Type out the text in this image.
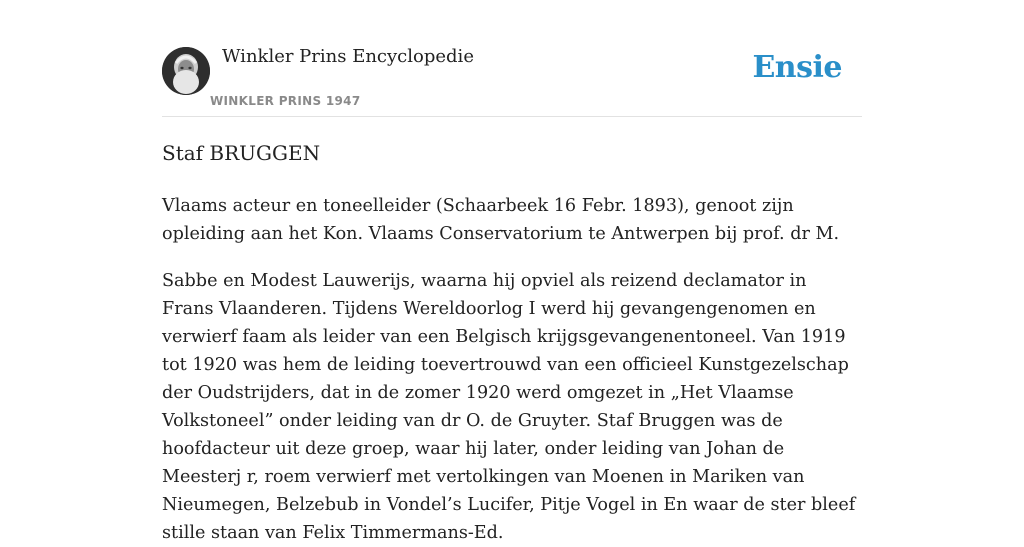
Winkler Prins Encyclopedie
WINKLER PRINS 1947
Ensie
Staf BRUGGEN

Vlaams acteur en toneelleider (Schaarbeek 16 Febr. 1893), genoot zijn opleiding aan het Kon. Vlaams Conservatorium te Antwerpen bij prof. dr M.

Sabbe en Modest Lauwerijs, waarna hij opviel als reizend declamator in Frans Vlaanderen. Tijdens Wereldoorlog I werd hij gevangengenomen en verwierf faam als leider van een Belgisch krijgsgevangenentoneel. Van 1919 tot 1920 was hem de leiding toevertrouwd van een officieel Kunstgezelschap der Oudstrijders, dat in de zomer 1920 werd omgezet in „Het Vlaamse Volkstoneel” onder leiding van dr O. de Gruyter. Staf Bruggen was de hoofdacteur uit deze groep, waar hij later, onder leiding van Johan de Meesterj r, roem verwierf met vertolkingen van Moenen in Mariken van Nieumegen, Belzebub in Vondel’s Lucifer, Pitje Vogel in En waar de ster bleef stille staan van Felix Timmermans-Ed.
